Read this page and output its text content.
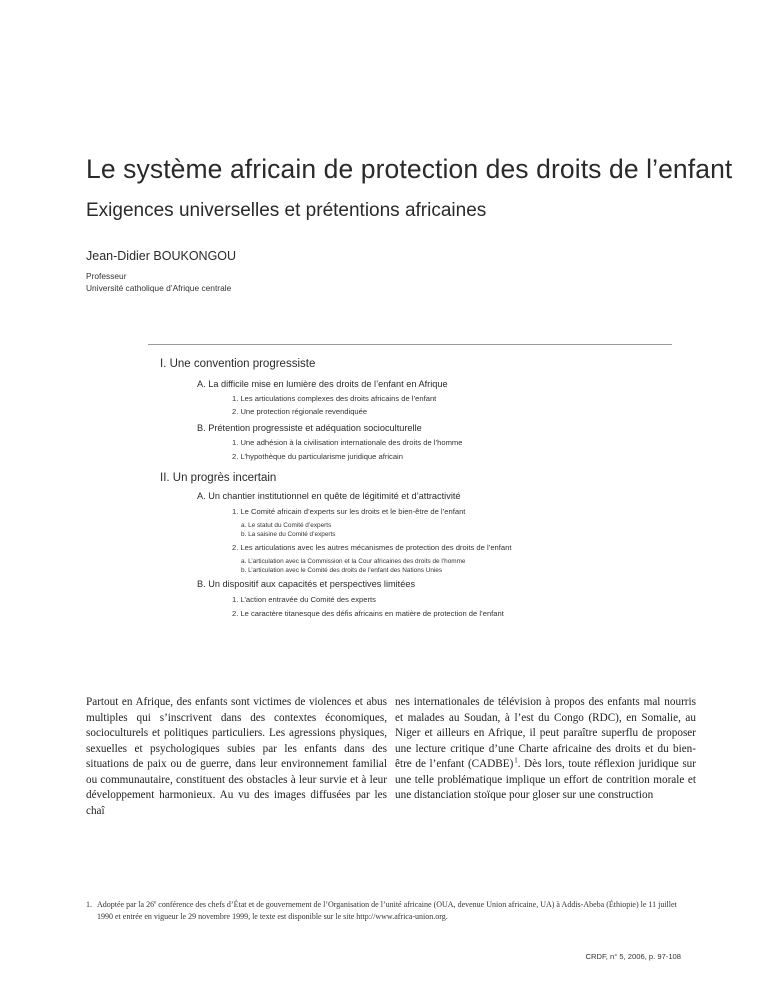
Le système africain de protection des droits de l’enfant
Exigences universelles et prétentions africaines
Jean-Didier BOUKONGOU
Professeur
Université catholique d’Afrique centrale
I. Une convention progressiste
A. La difficile mise en lumière des droits de l’enfant en Afrique
1. Les articulations complexes des droits africains de l’enfant
2. Une protection régionale revendiquée
B. Prétention progressiste et adéquation socioculturelle
1. Une adhésion à la civilisation internationale des droits de l’homme
2. L’hypothèque du particularisme juridique africain
II. Un progrès incertain
A. Un chantier institutionnel en quête de légitimité et d’attractivité
1. Le Comité africain d’experts sur les droits et le bien-être de l’enfant
a. Le statut du Comité d’experts
b. La saisine du Comité d’experts
2. Les articulations avec les autres mécanismes de protection des droits de l’enfant
a. L’articulation avec la Commission et la Cour africaines des droits de l’homme
b. L’articulation avec le Comité des droits de l’enfant des Nations Unies
B. Un dispositif aux capacités et perspectives limitées
1. L’action entravée du Comité des experts
2. Le caractère titanesque des défis africains en matière de protection de l’enfant
Partout en Afrique, des enfants sont victimes de violences et abus multiples qui s’inscrivent dans des contextes économiques, socioculturels et politiques particuliers. Les agressions physiques, sexuelles et psychologiques subies par les enfants dans des situations de paix ou de guerre, dans leur environnement familial ou communautaire, constituent des obstacles à leur survie et à leur développement harmonieux. Au vu des images diffusées par les chaî
nes internationales de télévision à propos des enfants mal nourris et malades au Soudan, à l’est du Congo (RDC), en Somalie, au Niger et ailleurs en Afrique, il peut paraître superflu de proposer une lecture critique d’une Charte africaine des droits et du bien-être de l’enfant (CADBE) $^1$. Dès lors, toute réflexion juridique sur une telle problématique implique un effort de contrition morale et une distanciation stoïque pour gloser sur une construction
1. Adoptée par la 26e conférence des chefs d’État et de gouvernement de l’Organisation de l’unité africaine (OUA, devenue Union africaine, UA) à Addis-Abeba (Éthiopie) le 11 juillet 1990 et entrée en vigueur le 29 novembre 1999, le texte est disponible sur le site http://www.africa-union.org.
CRDF, n° 5, 2006, p. 97-108
